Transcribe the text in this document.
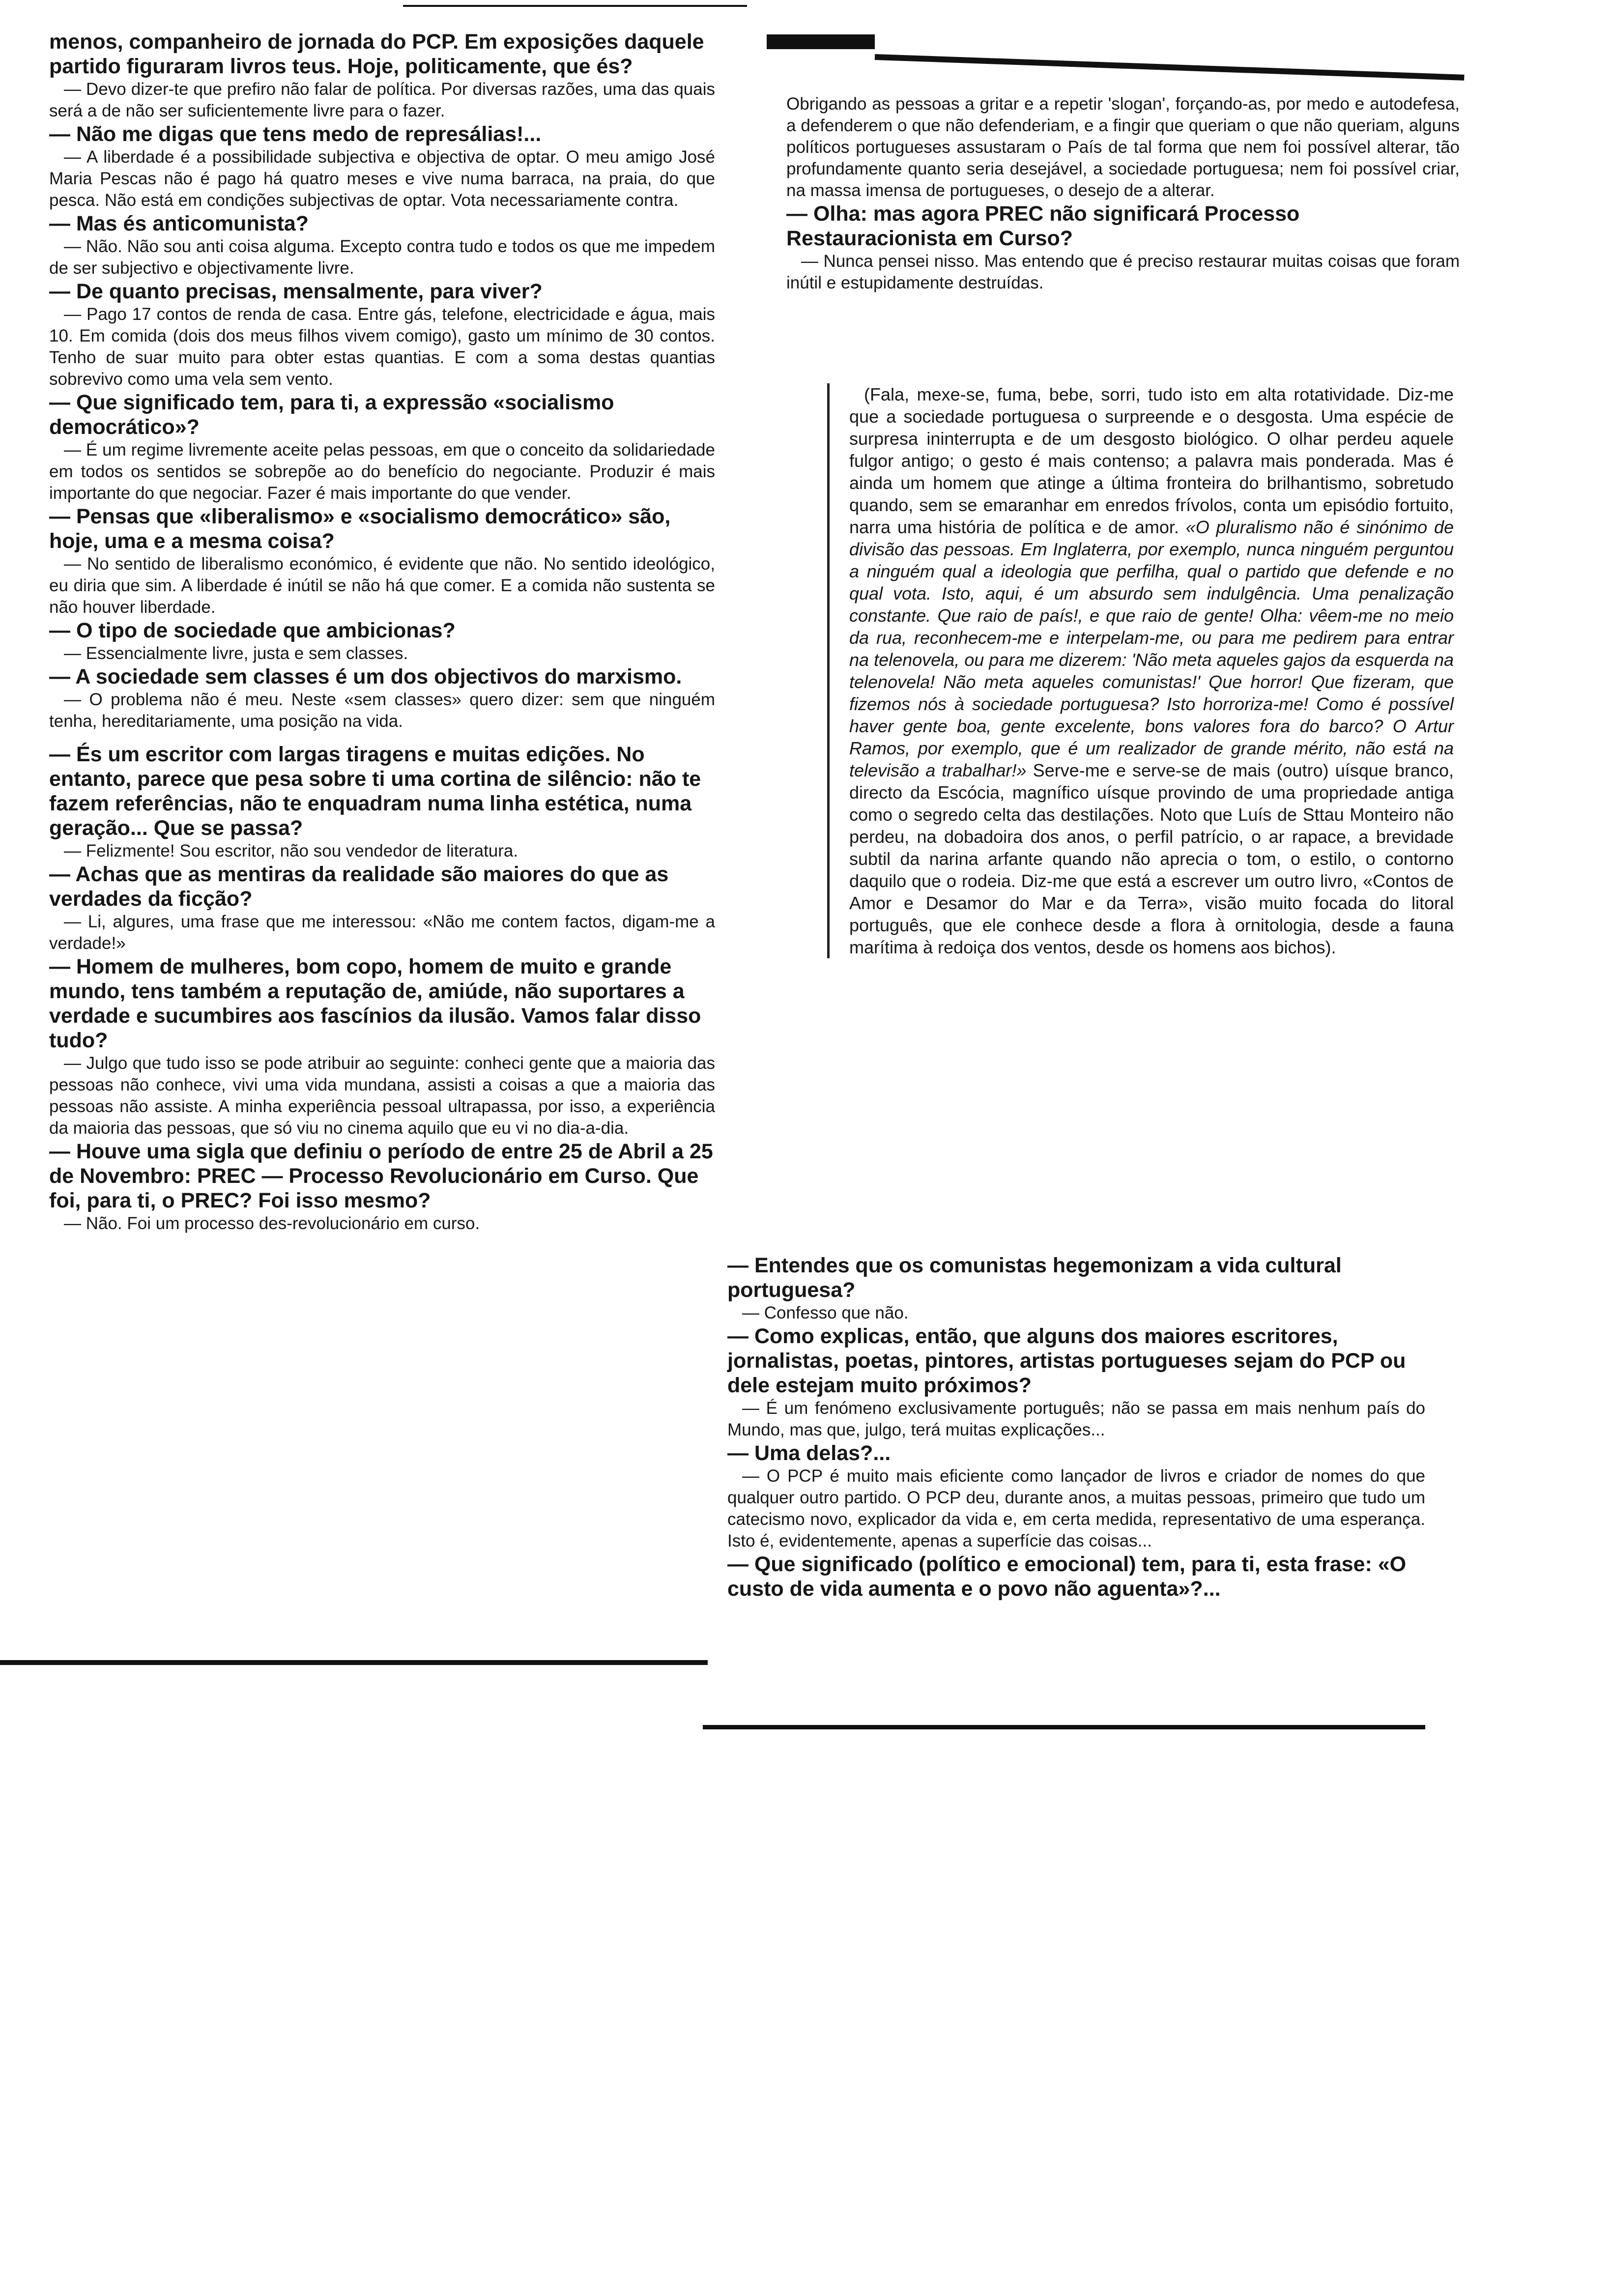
menos, companheiro de jornada do PCP. Em exposições daquele partido figuraram livros teus. Hoje, politicamente, que és?

— Devo dizer-te que prefiro não falar de política. Por diversas razões, uma das quais será a de não ser suficientemente livre para o fazer.

— Não me digas que tens medo de represálias!...

— A liberdade é a possibilidade subjectiva e objectiva de optar. O meu amigo José Maria Pescas não é pago há quatro meses e vive numa barraca, na praia, do que pesca. Não está em condições subjectivas de optar. Vota necessariamente contra.

— Mas és anticomunista?

— Não. Não sou anti coisa alguma. Excepto contra tudo e todos os que me impedem de ser subjectivo e objectivamente livre.

— De quanto precisas, mensalmente, para viver?

— Pago 17 contos de renda de casa. Entre gás, telefone, electricidade e água, mais 10. Em comida (dois dos meus filhos vivem comigo), gasto um mínimo de 30 contos. Tenho de suar muito para obter estas quantias. E com a soma destas quantias sobrevivo como uma vela sem vento.

— Que significado tem, para ti, a expressão «socialismo democrático»?

— É um regime livremente aceite pelas pessoas, em que o conceito da solidariedade em todos os sentidos se sobrepõe ao do benefício do negociante. Produzir é mais importante do que negociar. Fazer é mais importante do que vender.

— Pensas que «liberalismo» e «socialismo democrático» são, hoje, uma e a mesma coisa?

— No sentido de liberalismo económico, é evidente que não. No sentido ideológico, eu diria que sim. A liberdade é inútil se não há que comer. E a comida não sustenta se não houver liberdade.

— O tipo de sociedade que ambicionas?

— Essencialmente livre, justa e sem classes.

— A sociedade sem classes é um dos objectivos do marxismo.

— O problema não é meu. Neste «sem classes» quero dizer: sem que ninguém tenha, hereditariamente, uma posição na vida.

— És um escritor com largas tiragens e muitas edições. No entanto, parece que pesa sobre ti uma cortina de silêncio: não te fazem referências, não te enquadram numa linha estética, numa geração... Que se passa?

— Felizmente! Sou escritor, não sou vendedor de literatura.

— Achas que as mentiras da realidade são maiores do que as verdades da ficção?

— Li, algures, uma frase que me interessou: «Não me contem factos, digam-me a verdade!»

— Homem de mulheres, bom copo, homem de muito e grande mundo, tens também a reputação de, amiúde, não suportares a verdade e sucumbires aos fascínios da ilusão. Vamos falar disso tudo?

— Julgo que tudo isso se pode atribuir ao seguinte: conheci gente que a maioria das pessoas não conhece, vivi uma vida mundana, assisti a coisas a que a maioria das pessoas não assiste. A minha experiência pessoal ultrapassa, por isso, a experiência da maioria das pessoas, que só viu no cinema aquilo que eu vi no dia-a-dia.

— Houve uma sigla que definiu o período de entre 25 de Abril a 25 de Novembro: PREC — Processo Revolucionário em Curso. Que foi, para ti, o PREC? Foi isso mesmo?

— Não. Foi um processo des-revolucionário em curso.

Obrigando as pessoas a gritar e a repetir 'slogan', forçando-as, por medo e autodefesa, a defenderem o que não defenderiam, e a fingir que queriam o que não queriam, alguns políticos portugueses assustaram o País de tal forma que nem foi possível alterar, tão profundamente quanto seria desejável, a sociedade portuguesa; nem foi possível criar, na massa imensa de portugueses, o desejo de a alterar.

— Olha: mas agora PREC não significará Processo Restauracionista em Curso?

— Nunca pensei nisso. Mas entendo que é preciso restaurar muitas coisas que foram inútil e estupidamente destruídas.

(Fala, mexe-se, fuma, bebe, sorri, tudo isto em alta rotatividade. Diz-me que a sociedade portuguesa o surpreende e o desgosta. Uma espécie de surpresa ininterrupta e de um desgosto biológico. O olhar perdeu aquele fulgor antigo; o gesto é mais contenso; a palavra mais ponderada. Mas é ainda um homem que atinge a última fronteira do brilhantismo, sobretudo quando, sem se emaranhar em enredos frívolos, conta um episódio fortuito, narra uma história de política e de amor. «O pluralismo não é sinónimo de divisão das pessoas. Em Inglaterra, por exemplo, nunca ninguém perguntou a ninguém qual a ideologia que perfilha, qual o partido que defende e no qual vota. Isto, aqui, é um absurdo sem indulgência. Uma penalização constante. Que raio de país!, e que raio de gente! Olha: vêem-me no meio da rua, reconhecem-me e interpelam-me, ou para me pedirem para entrar na telenovela, ou para me dizerem: 'Não meta aqueles gajos da esquerda na telenovela! Não meta aqueles comunistas!' Que horror! Que fizeram, que fizemos nós à sociedade portuguesa? Isto horroriza-me! Como é possível haver gente boa, gente excelente, bons valores fora do barco? O Artur Ramos, por exemplo, que é um realizador de grande mérito, não está na televisão a trabalhar!» Serve-me e serve-se de mais (outro) uísque branco, directo da Escócia, magnífico uísque provindo de uma propriedade antiga como o segredo celta das destilações. Noto que Luís de Sttau Monteiro não perdeu, na dobadoira dos anos, o perfil patrício, o ar rapace, a brevidade subtil da narina arfante quando não aprecia o tom, o estilo, o contorno daquilo que o rodeia. Diz-me que está a escrever um outro livro, «Contos de Amor e Desamor do Mar e da Terra», visão muito focada do litoral português, que ele conhece desde a flora à ornitologia, desde a fauna marítima à redoiça dos ventos, desde os homens aos bichos).

— Entendes que os comunistas hegemonizam a vida cultural portuguesa?

— Confesso que não.

— Como explicas, então, que alguns dos maiores escritores, jornalistas, poetas, pintores, artistas portugueses sejam do PCP ou dele estejam muito próximos?

— É um fenómeno exclusivamente português; não se passa em mais nenhum país do Mundo, mas que, julgo, terá muitas explicações...

— Uma delas?...

— O PCP é muito mais eficiente como lançador de livros e criador de nomes do que qualquer outro partido. O PCP deu, durante anos, a muitas pessoas, primeiro que tudo um catecismo novo, explicador da vida e, em certa medida, representativo de uma esperança. Isto é, evidentemente, apenas a superfície das coisas...

— Que significado (político e emocional) tem, para ti, esta frase: «O custo de vida aumenta e o povo não aguenta»?...
